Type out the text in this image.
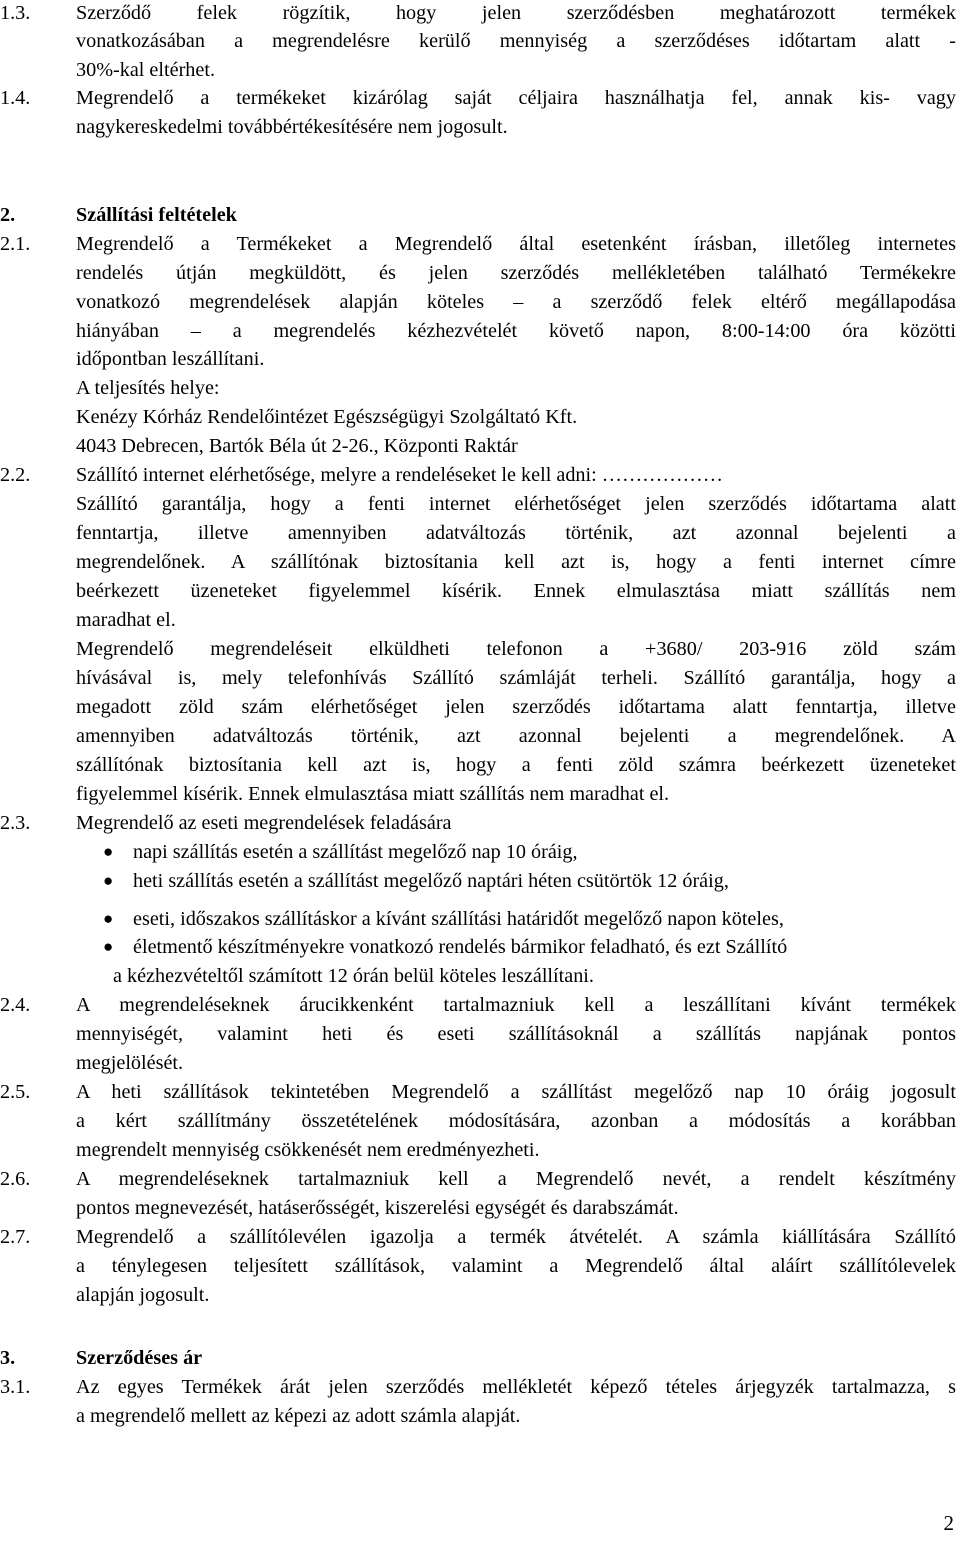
1.3. Szerződő felek rögzítik, hogy jelen szerződésben meghatározott termékek
vonatkozásában a megrendelésre kerülő mennyiség a szerződéses időtartam alatt -
30%-kal eltérhet.
1.4. Megrendelő a termékeket kizárólag saját céljaira használhatja fel, annak kis- vagy
nagykereskedelmi továbbértékesítésére nem jogosult.
2.	Szállítási feltételek
2.1. Megrendelő a Termékeket a Megrendelő által esetenként írásban, illetőleg internetes
rendelés útján megküldött, és jelen szerződés mellékletében található Termékekre
vonatkozó megrendelések alapján köteles – a szerződő felek eltérő megállapodása
hiányában – a megrendelés kézhezvételét követő napon, 8:00-14:00 óra közötti
időpontban leszállítani.
A teljesítés helye:
Kenézy Kórház Rendelőintézet Egészségügyi Szolgáltató Kft.
4043 Debrecen, Bartók Béla út 2-26., Központi Raktár
2.2. Szállító internet elérhetősége, melyre a rendeléseket le kell adni: ………………
Szállító garantálja, hogy a fenti internet elérhetőséget jelen szerződés időtartama alatt
fenntartja, illetve amennyiben adatváltozás történik, azt azonnal bejelenti a
megrendelőnek. A szállítónak biztosítania kell azt is, hogy a fenti internet címre
beérkezett üzeneteket figyelemmel kísérik. Ennek elmulasztása miatt szállítás nem
maradhat el.
Megrendelő megrendeléseit elküldheti telefonon a +3680/ 203-916 zöld szám
hívásával is, mely telefonhívás Szállító számláját terheli. Szállító garantálja, hogy a
megadott zöld szám elérhetőséget jelen szerződés időtartama alatt fenntartja, illetve
amennyiben adatváltozás történik, azt azonnal bejelenti a megrendelőnek. A
szállítónak biztosítania kell azt is, hogy a fenti zöld számra beérkezett üzeneteket
figyelemmel kísérik. Ennek elmulasztása miatt szállítás nem maradhat el.
2.3. Megrendelő az eseti megrendelések feladására
● napi szállítás esetén a szállítást megelőző nap 10 óráig,
● heti szállítás esetén a szállítást megelőző naptári héten csütörtök 12 óráig,
● eseti, időszakos szállításkor a kívánt szállítási határidőt megelőző napon köteles,
● életmentő készítményekre vonatkozó rendelés bármikor feladható, és ezt Szállító
a kézhezvételtől számított 12 órán belül köteles leszállítani.
2.4. A megrendeléseknek árucikkenként tartalmazniuk kell a leszállítani kívánt termékek
mennyiségét, valamint heti és eseti szállításoknál a szállítás napjának pontos
megjelölését.
2.5. A heti szállítások tekintetében Megrendelő a szállítást megelőző nap 10 óráig jogosult
a kért szállítmány összetételének módosítására, azonban a módosítás a korábban
megrendelt mennyiség csökkenését nem eredményezheti.
2.6. A megrendeléseknek tartalmazniuk kell a Megrendelő nevét, a rendelt készítmény
pontos megnevezését, hatáserősségét, kiszerelési egységét és darabszámát.
2.7. Megrendelő a szállítólevélen igazolja a termék átvételét. A számla kiállítására Szállító
a ténylegesen teljesített szállítások, valamint a Megrendelő által aláírt szállítólevelek
alapján jogosult.
3.	Szerződéses ár
3.1. Az egyes Termékek árát jelen szerződés mellékletét képező tételes árjegyzék tartalmazza, s
a megrendelő mellett az képezi az adott számla alapját.
2
